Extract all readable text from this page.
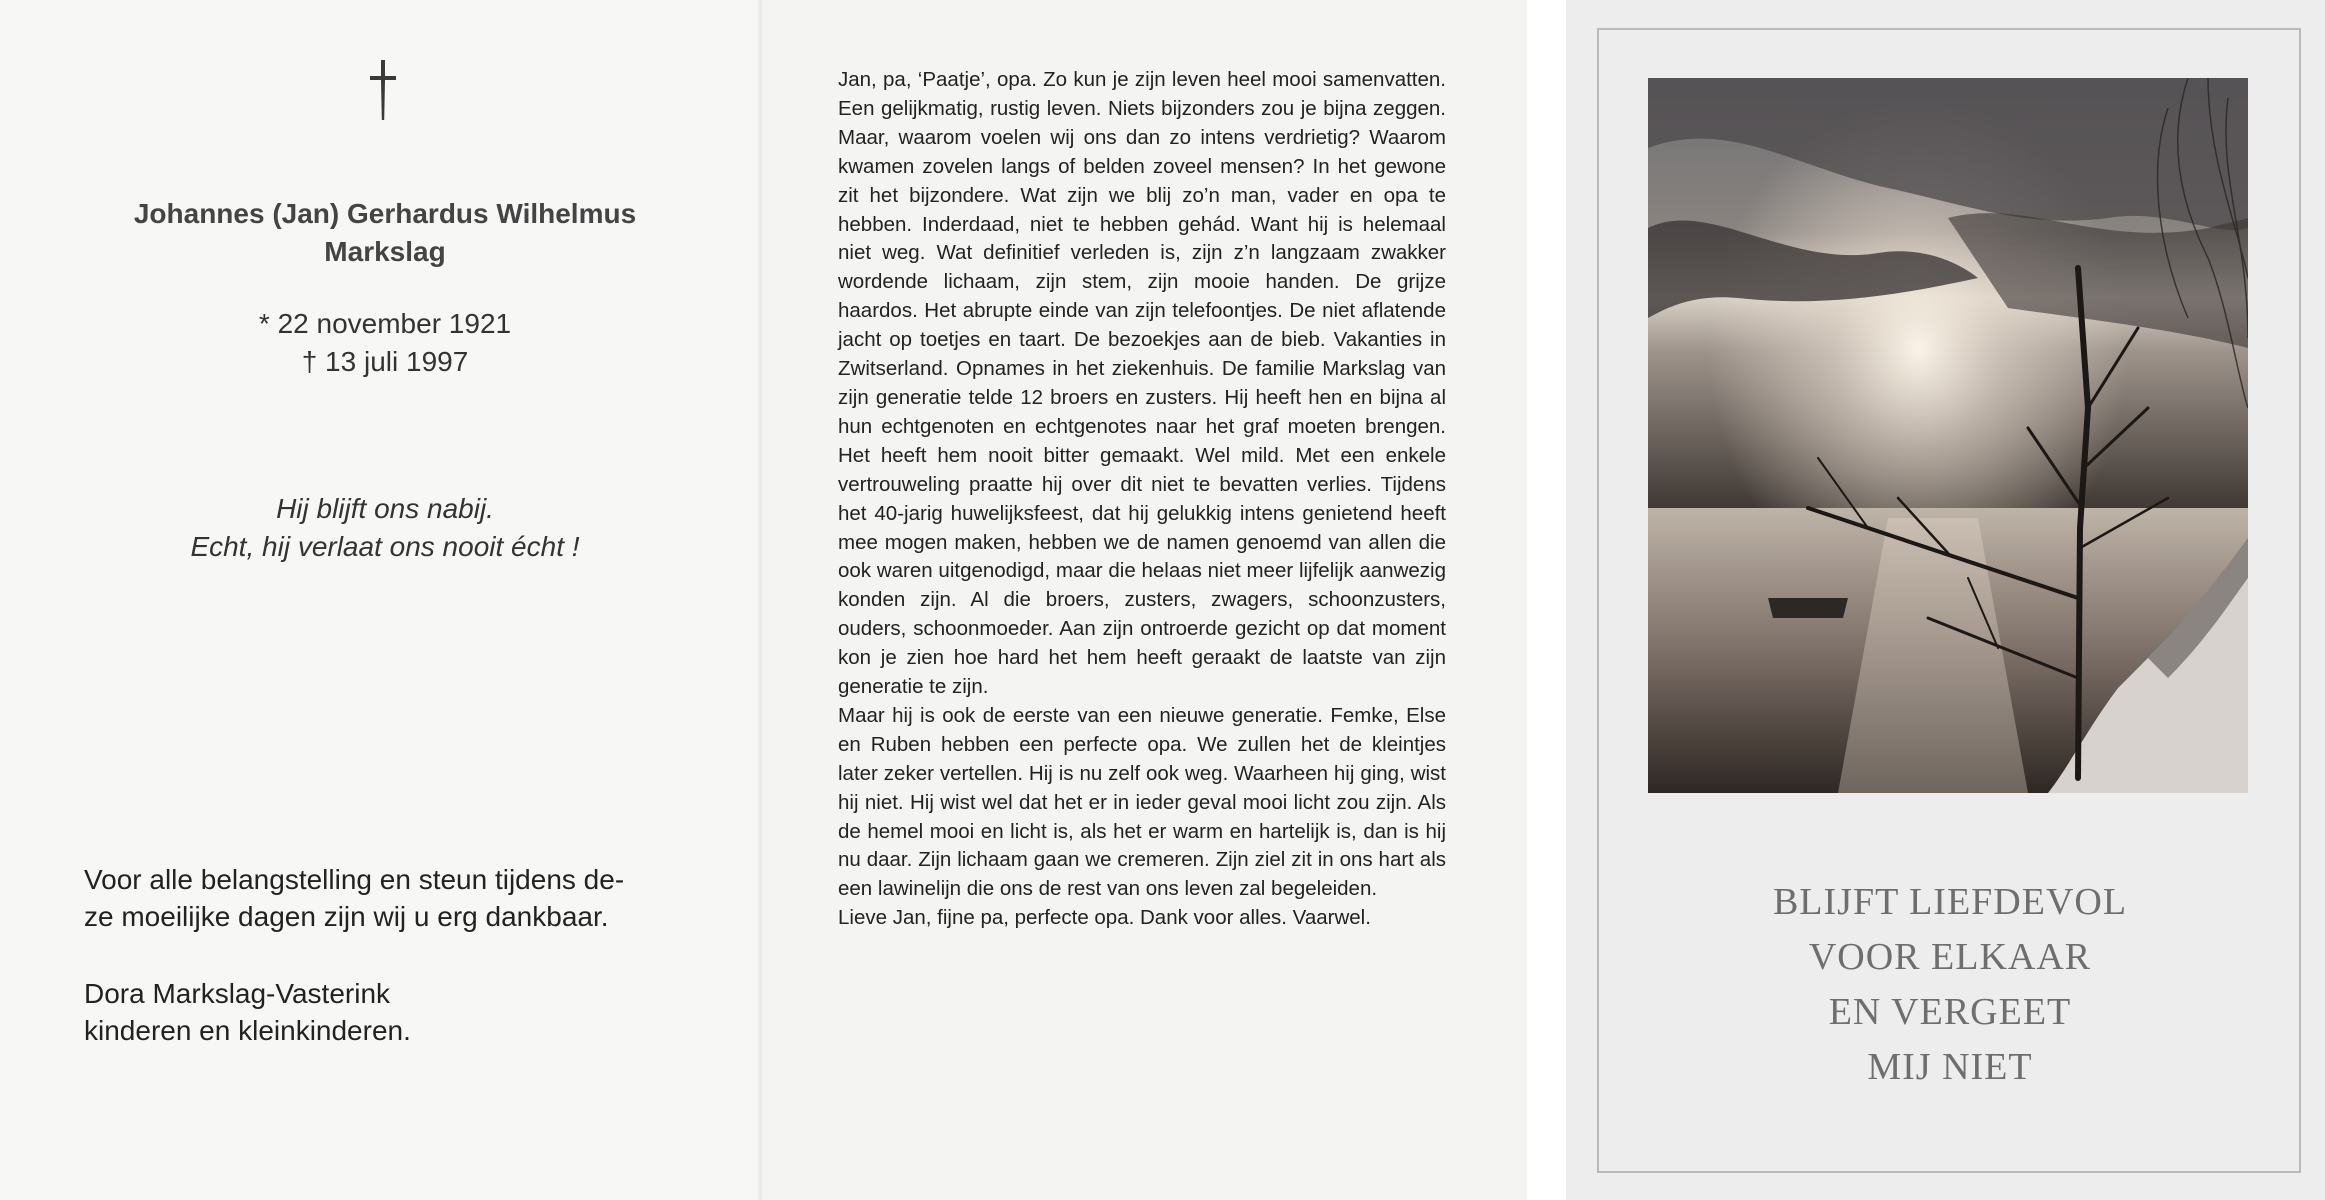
Johannes (Jan) Gerhardus Wilhelmus
Markslag
* 22 november 1921
† 13 juli 1997
Hij blijft ons nabij.
Echt, hij verlaat ons nooit écht !
Voor alle belangstelling en steun tijdens de-
ze moeilijke dagen zijn wij u erg dankbaar.
Dora Markslag-Vasterink
kinderen en kleinkinderen.

Jan, pa, ‘Paatje’, opa. Zo kun je zijn leven heel mooi samenvatten. Een gelijkmatig, rustig leven. Niets bijzonders zou je bijna zeggen. Maar, waarom voelen wij ons dan zo intens verdrietig? Waarom kwamen zovelen langs of belden zoveel mensen? In het gewone zit het bijzondere. Wat zijn we blij zo’n man, vader en opa te hebben. Inderdaad, niet te hebben gehád. Want hij is helemaal niet weg. Wat definitief verleden is, zijn z’n langzaam zwakker wordende lichaam, zijn stem, zijn mooie handen. De grijze haardos. Het abrupte einde van zijn telefoontjes. De niet aflatende jacht op toetjes en taart. De bezoekjes aan de bieb. Vakanties in Zwitserland. Opnames in het ziekenhuis. De familie Markslag van zijn generatie telde 12 broers en zusters. Hij heeft hen en bijna al hun echtgenoten en echtgenotes naar het graf moeten brengen. Het heeft hem nooit bitter gemaakt. Wel mild. Met een enkele vertrouweling praatte hij over dit niet te bevatten verlies. Tijdens het 40-jarig huwelijksfeest, dat hij gelukkig intens genietend heeft mee mogen maken, hebben we de namen genoemd van allen die ook waren uitgenodigd, maar die helaas niet meer lijfelijk aanwezig konden zijn. Al die broers, zusters, zwagers, schoonzusters, ouders, schoonmoeder. Aan zijn ontroerde gezicht op dat moment kon je zien hoe hard het hem heeft geraakt de laatste van zijn generatie te zijn.

Maar hij is ook de eerste van een nieuwe generatie. Femke, Else en Ruben hebben een perfecte opa. We zullen het de kleintjes later zeker vertellen. Hij is nu zelf ook weg. Waarheen hij ging, wist hij niet. Hij wist wel dat het er in ieder geval mooi licht zou zijn. Als de hemel mooi en licht is, als het er warm en hartelijk is, dan is hij nu daar. Zijn lichaam gaan we cremeren. Zijn ziel zit in ons hart als een lawinelijn die ons de rest van ons leven zal begeleiden.

Lieve Jan, fijne pa, perfecte opa. Dank voor alles. Vaarwel.	BLIJFT LIEFDEVOL
VOOR ELKAAR
EN VERGEET
MIJ NIET
